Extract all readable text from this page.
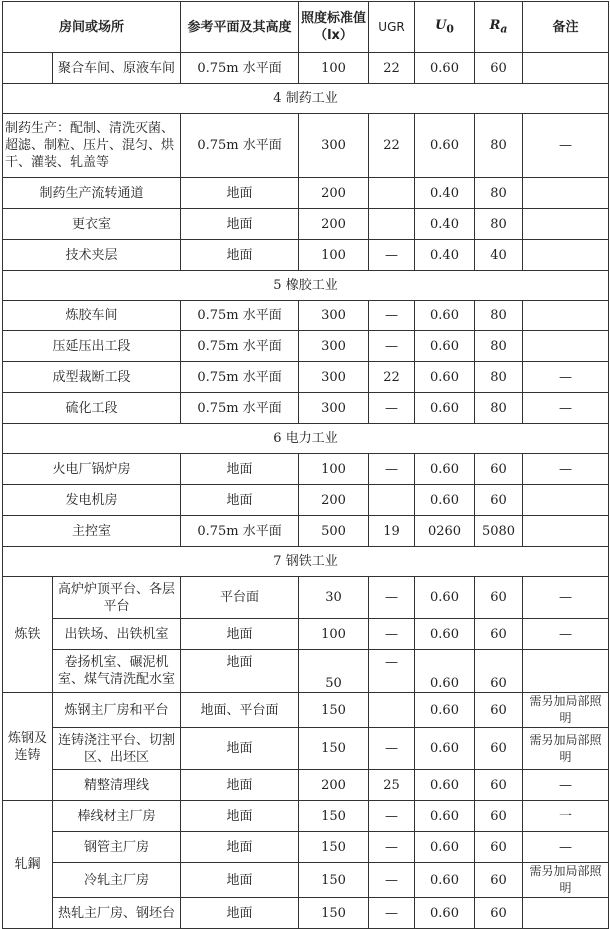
房间或场所		参考平面及其高度	照度标准值（lx）	UGR	$U_0$	$R_a$	备注
	聚合车间、原液车间	0.75m 水平面	100	22	0.60	60	
4 制药工业							
制药生产：配制、清洗灭菌、超滤、制粒、压片、混匀、烘干、灌装、轧盖等		0.75m 水平面	300	22	0.60	80	—
制药生产流转通道		地面	200		0.40	80	
更衣室		地面	200		0.40	80	
技术夹层		地面	100	—	0.40	40	
5 橡胶工业							
炼胶车间		0.75m 水平面	300	—	0.60	80	
压延压出工段		0.75m 水平面	300	—	0.60	80	
成型裁断工段		0.75m 水平面	300	22	0.60	80	—
硫化工段		0.75m 水平面	300	—	0.60	80	—
6 电力工业							
火电厂锅炉房		地面	100	—	0.60	60	—
发电机房		地面	200		0.60	60	
主控室		0.75m 水平面	500	19	0260	5080	
7 钢铁工业							
炼铁	高炉炉顶平台、各层平台	平台面	30	—	0.60	60	—
	出铁场、出铁机室	地面	100	—	0.60	60	—
	卷扬机室、碾泥机室、煤气清洗配水室	地面	50	—	0.60	60	
炼钢及连铸	炼钢主厂房和平台	地面、平台面	150		0.60	60	需另加局部照明
	连铸浇注平台、切割区、出坯区	地面	150	—	0.60	60	需另加局部照明
	精整清理线	地面	200	25	0.60	60	—
轧鋼	棒线材主厂房	地面	150	—	0.60	60	一
	钢管主厂房	地面	150	—	0.60	60	—
	冷轧主厂房	地面	150	—	0.60	60	需另加局部照明
	热轧主厂房、钢坯台	地面	150	—	0.60	60	
